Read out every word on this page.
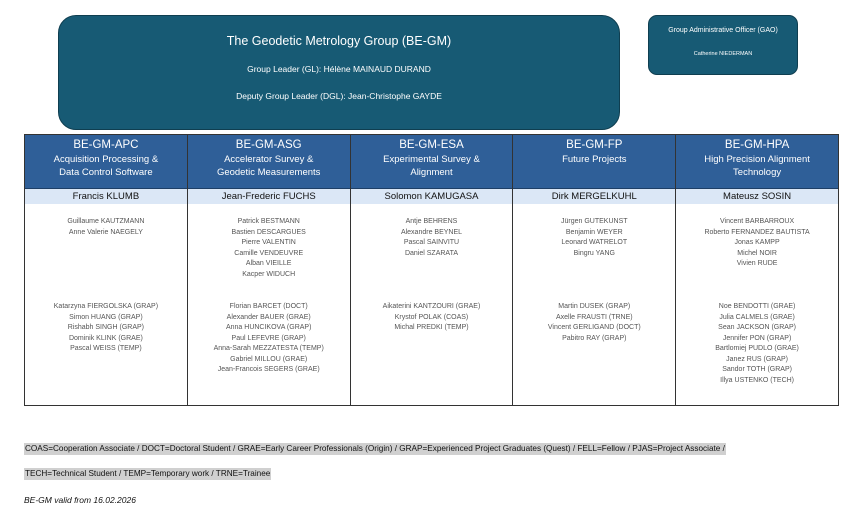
The Geodetic Metrology Group (BE-GM)
Group Leader (GL): Hélène MAINAUD DURAND
Deputy Group Leader (DGL): Jean-Christophe GAYDE
Group Administrative Officer (GAO)
Catherine NIEDERMAN
BE-GM-APC
Acquisition Processing &
Data Control Software
Francis KLUMB
Guillaume KAUTZMANN
Anne Valerie NAEGELY
Katarzyna FIERGOLSKA (GRAP)
Simon HUANG (GRAP)
Rishabh SINGH (GRAP)
Dominik KLINK (GRAE)
Pascal WEISS (TEMP)
BE-GM-ASG
Accelerator Survey &
Geodetic Measurements
Jean-Frederic FUCHS
Patrick BESTMANN
Bastien DESCARGUES
Pierre VALENTIN
Camille VENDEUVRE
Alban VIEILLE
Kacper WIDUCH
Florian BARCET (DOCT)
Alexander BAUER (GRAE)
Anna HUNCIKOVA (GRAP)
Paul LEFEVRE (GRAP)
Anna-Sarah MEZZATESTA (TEMP)
Gabriel MILLOU (GRAE)
Jean-Francois SEGERS (GRAE)
BE-GM-ESA
Experimental Survey &
Alignment
Solomon KAMUGASA
Antje BEHRENS
Alexandre BEYNEL
Pascal SAINVITU
Daniel SZARATA
Aikaterini KANTZOURI (GRAE)
Krystof POLAK (COAS)
Michal PREDKI (TEMP)
BE-GM-FP
Future Projects
Dirk MERGELKUHL
Jürgen GUTEKUNST
Benjamin WEYER
Leonard WATRELOT
Bingru YANG
Martin DUSEK (GRAP)
Axelle FRAUSTI (TRNE)
Vincent GERLIGAND (DOCT)
Pabitro RAY (GRAP)
BE-GM-HPA
High Precision Alignment
Technology
Mateusz SOSIN
Vincent BARBARROUX
Roberto FERNANDEZ BAUTISTA
Jonas KAMPP
Michel NOIR
Vivien RUDE
Noe BENDOTTI (GRAE)
Julia CALMELS (GRAE)
Sean JACKSON (GRAP)
Jennifer PON (GRAP)
Bartlomiej PUDLO (GRAE)
Janez RUS (GRAP)
Sandor TOTH (GRAP)
Illya USTENKO (TECH)
COAS=Cooperation Associate / DOCT=Doctoral Student / GRAE=Early Career Professionals (Origin) / GRAP=Experienced Project Graduates (Quest) / FELL=Fellow / PJAS=Project Associate /
TECH=Technical Student / TEMP=Temporary work / TRNE=Trainee
BE-GM valid from 16.02.2026
